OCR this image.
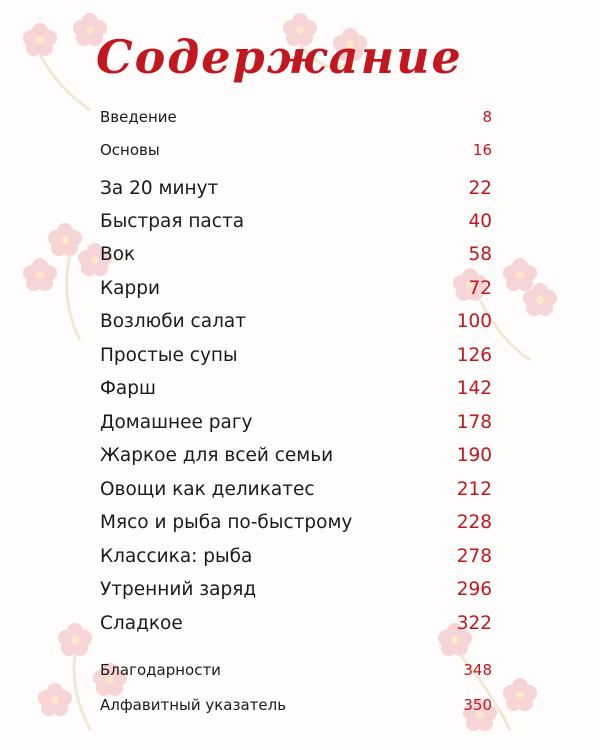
Содержание
Введение	8
Основы	16
За 20 минут	22
Быстрая паста	40
Вок	58
Карри	72
Возлюби салат	100
Простые супы	126
Фарш	142
Домашнее рагу	178
Жаркое для всей семьи	190
Овощи как деликатес	212
Мясо и рыба по-быстрому	228
Классика: рыба	278
Утренний заряд	296
Сладкое	322
Благодарности	348
Алфавитный указатель	350
